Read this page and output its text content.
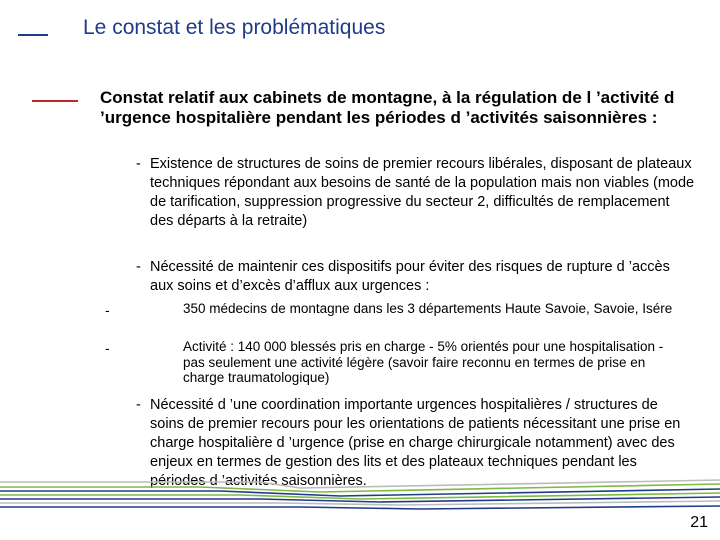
Le constat et les problématiques
Constat relatif aux cabinets de montagne, à la régulation de l ’activité d ’urgence hospitalière pendant les périodes d ’activités saisonnières :
- Existence de structures de soins de premier recours libérales, disposant de plateaux techniques répondant aux besoins de santé de la population mais non viables (mode de tarification, suppression progressive du secteur 2, difficultés de remplacement des départs à la retraite)
- Nécessité de maintenir ces dispositifs pour éviter des risques de rupture d ’accès aux soins et d’excès d’afflux aux urgences :
-	350 médecins de montagne dans les 3 départements Haute Savoie, Savoie, Isére
-	Activité : 140 000 blessés pris en charge - 5% orientés pour une hospitalisation - pas seulement une activité légère (savoir faire reconnu en termes de prise en charge traumatologique)
- Nécessité d ’une coordination importante urgences hospitalières / structures de soins de premier recours pour les orientations de patients nécessitant une prise en charge hospitalière d ’urgence (prise en charge chirurgicale notamment) avec des enjeux en termes de gestion des lits et des plateaux techniques pendant les périodes d ’activités saisonnières.
21
